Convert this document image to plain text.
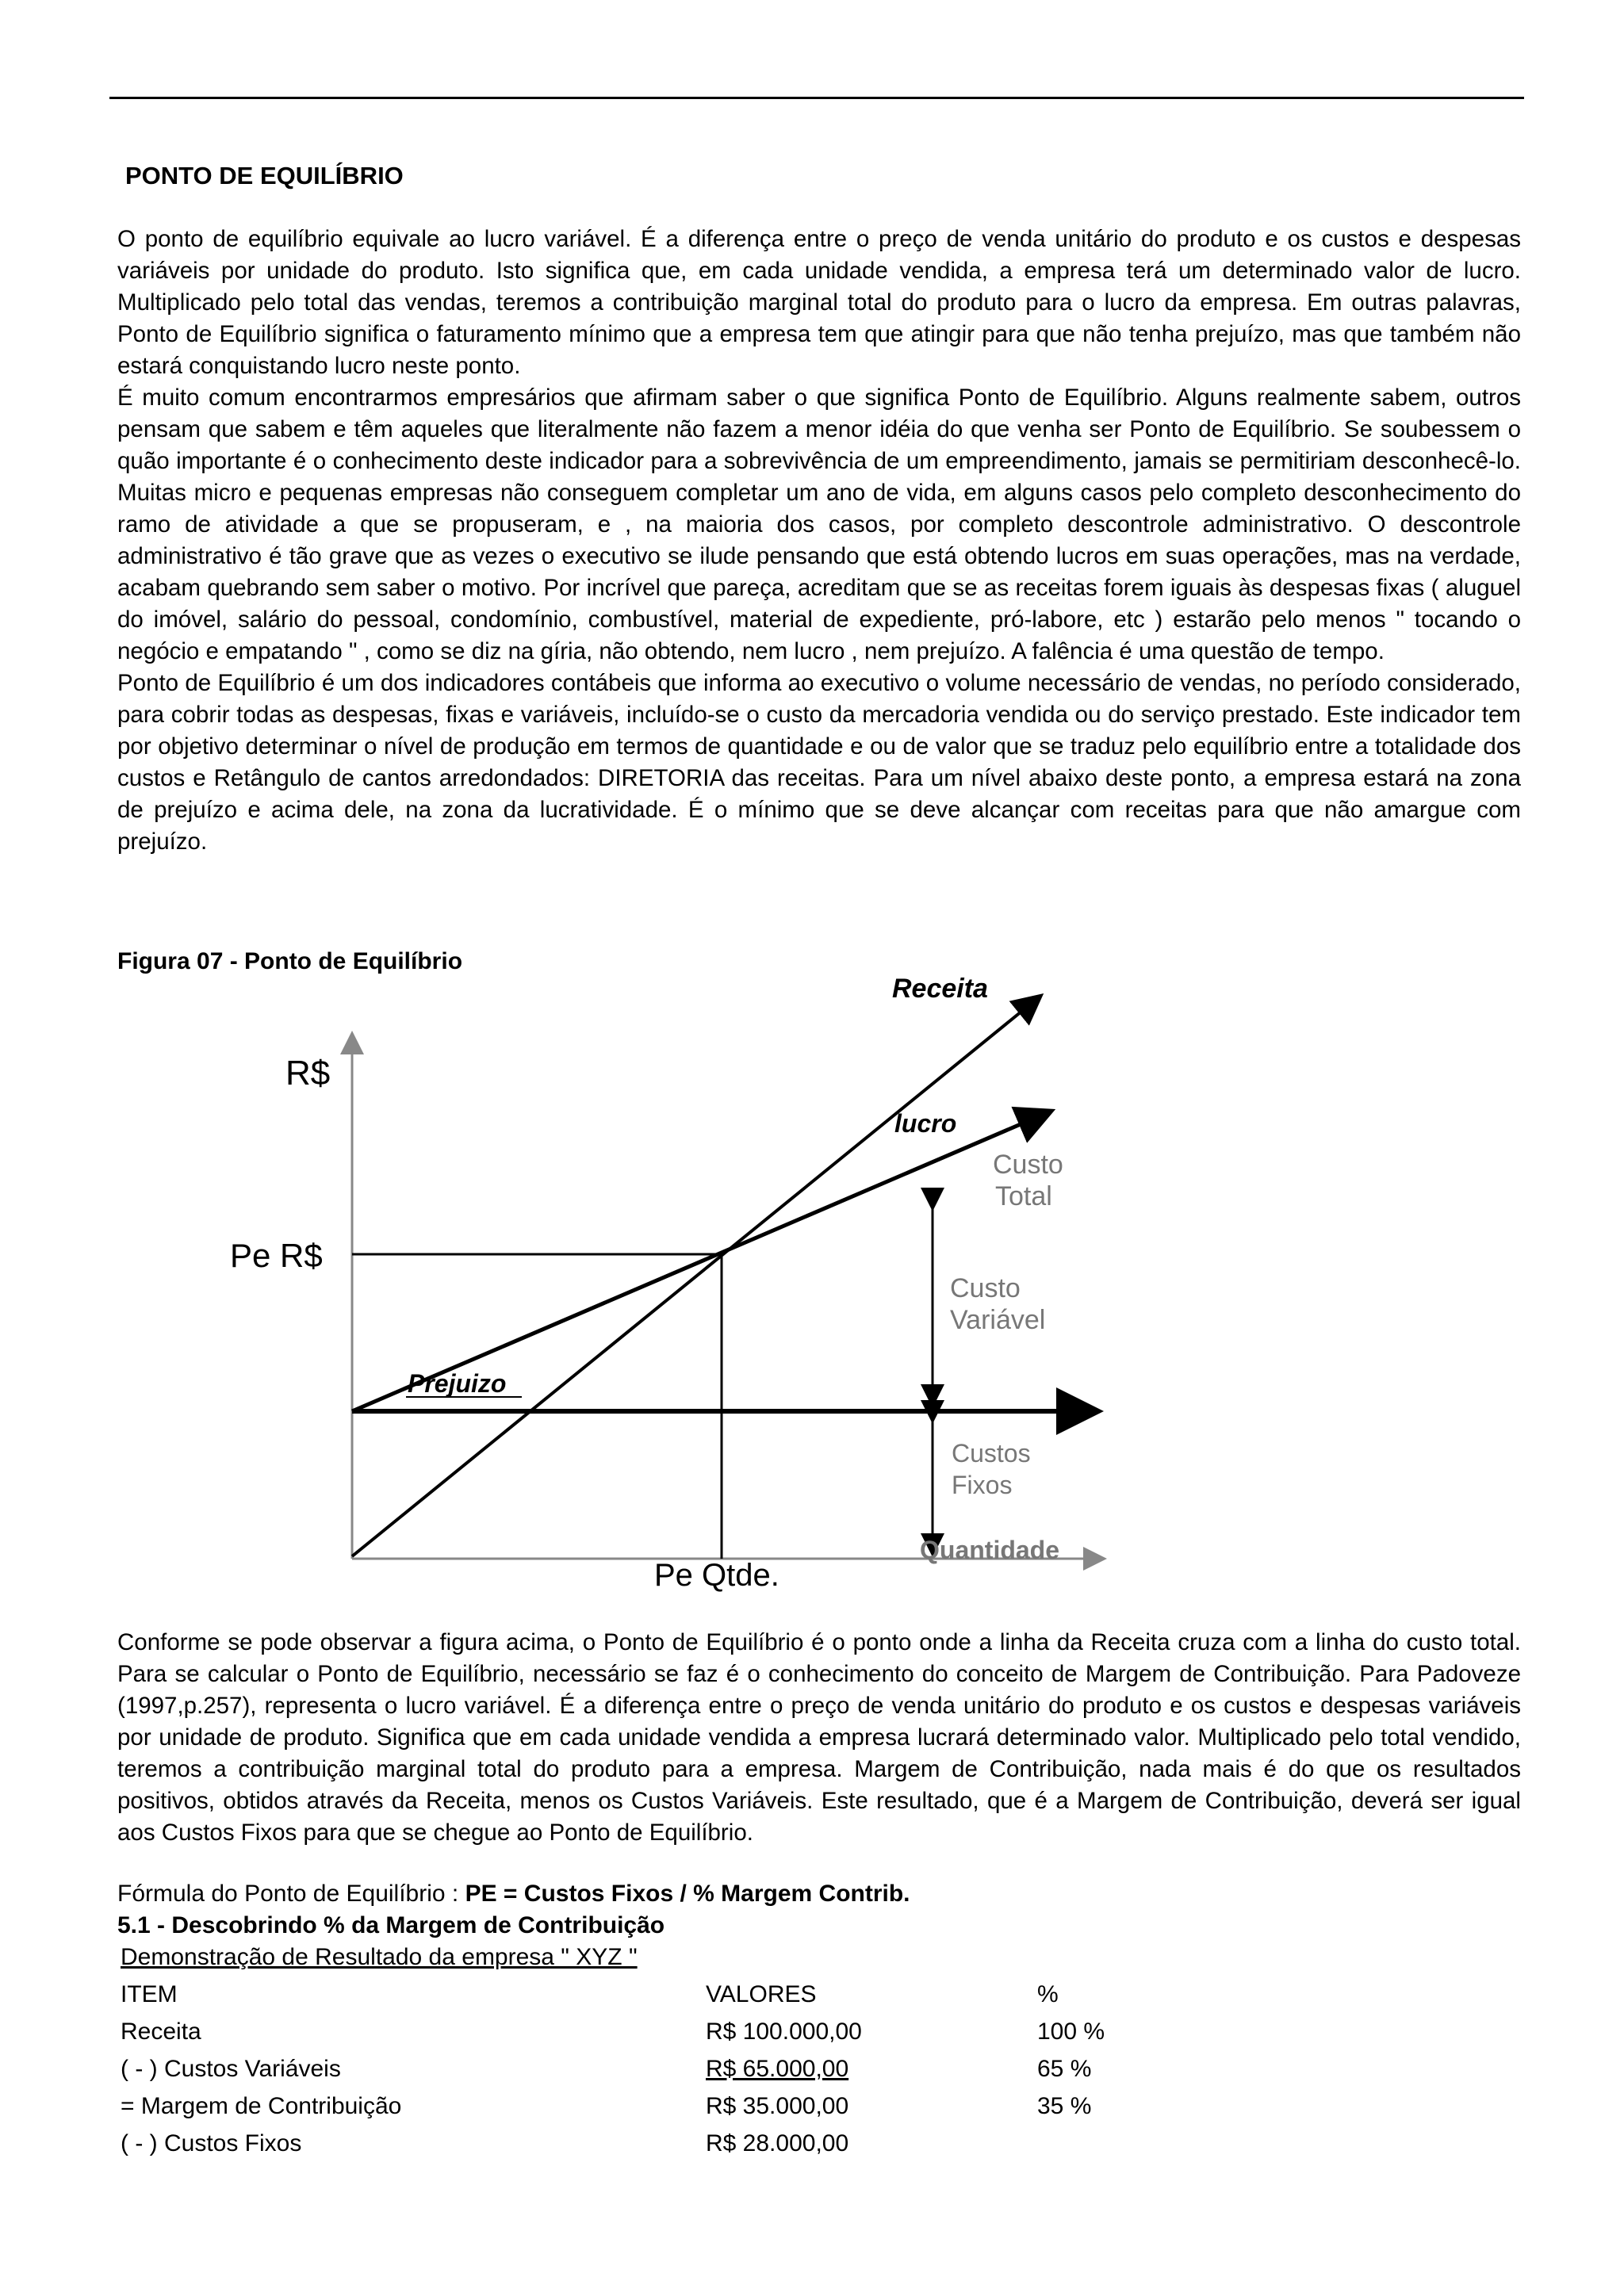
PONTO DE EQUILÍBRIO

O ponto de equilíbrio equivale ao lucro variável. É a diferença entre o preço de venda unitário do produto e os custos e despesas variáveis por unidade do produto. Isto significa que, em cada unidade vendida, a empresa terá um determinado valor de lucro. Multiplicado pelo total das vendas, teremos a contribuição marginal total do produto para o lucro da empresa. Em outras palavras, Ponto de Equilíbrio significa o faturamento mínimo que a empresa tem que atingir para que não tenha prejuízo, mas que também não estará conquistando lucro neste ponto.

É muito comum encontrarmos empresários que afirmam saber o que significa Ponto de Equilíbrio. Alguns realmente sabem, outros pensam que sabem e têm aqueles que literalmente não fazem a menor idéia do que venha ser Ponto de Equilíbrio. Se soubessem o quão importante é o conhecimento deste indicador para a sobrevivência de um empreendimento, jamais se permitiriam desconhecê-lo. Muitas micro e pequenas empresas não conseguem completar um ano de vida, em alguns casos pelo completo desconhecimento do ramo de atividade a que se propuseram, e , na maioria dos casos, por completo descontrole administrativo. O descontrole administrativo é tão grave que as vezes o executivo se ilude pensando que está obtendo lucros em suas operações, mas na verdade, acabam quebrando sem saber o motivo. Por incrível que pareça, acreditam que se as receitas forem iguais às despesas fixas ( aluguel do imóvel, salário do pessoal, condomínio, combustível, material de expediente, pró-labore, etc ) estarão pelo menos " tocando o negócio e empatando " , como se diz na gíria, não obtendo, nem lucro , nem prejuízo. A falência é uma questão de tempo.

Ponto de Equilíbrio é um dos indicadores contábeis que informa ao executivo o volume necessário de vendas, no período considerado, para cobrir todas as despesas, fixas e variáveis, incluído-se o custo da mercadoria vendida ou do serviço prestado. Este indicador tem por objetivo determinar o nível de produção em termos de quantidade e ou de valor que se traduz pelo equilíbrio entre a totalidade dos custos e Retângulo de cantos arredondados: DIRETORIA das receitas. Para um nível abaixo deste ponto, a empresa estará na zona de prejuízo e acima dele, na zona da lucratividade. É o mínimo que se deve alcançar com receitas para que não amargue com prejuízo.

Figura 07 - Ponto de Equilíbrio
R$
Pe R$
Pe Qtde.
Quantidade
Receita
lucro
Custo
Total
Custo
Variável
Custos
Fixos
Prejuizo
Conforme se pode observar a figura acima, o Ponto de Equilíbrio é o ponto onde a linha da Receita cruza com a linha do custo total. Para se calcular o Ponto de Equilíbrio, necessário se faz é o conhecimento do conceito de Margem de Contribuição. Para Padoveze (1997,p.257), representa o lucro variável. É a diferença entre o preço de venda unitário do produto e os custos e despesas variáveis por unidade de produto. Significa que em cada unidade vendida a empresa lucrará determinado valor. Multiplicado pelo total vendido, teremos a contribuição marginal total do produto para a empresa. Margem de Contribuição, nada mais é do que os resultados positivos, obtidos através da Receita, menos os Custos Variáveis. Este resultado, que é a Margem de Contribuição, deverá ser igual aos Custos Fixos para que se chegue ao Ponto de Equilíbrio.
Fórmula do Ponto de Equilíbrio : PE = Custos Fixos / % Margem Contrib.
5.1 - Descobrindo % da Margem de Contribuição
Demonstração de Resultado da empresa " XYZ "
ITEM	VALORES	%
Receita	R$ 100.000,00	100 %
( - ) Custos Variáveis	R$ 65.000,00	65 %
= Margem de Contribuição	R$ 35.000,00	35 %
( - ) Custos Fixos	R$ 28.000,00	
